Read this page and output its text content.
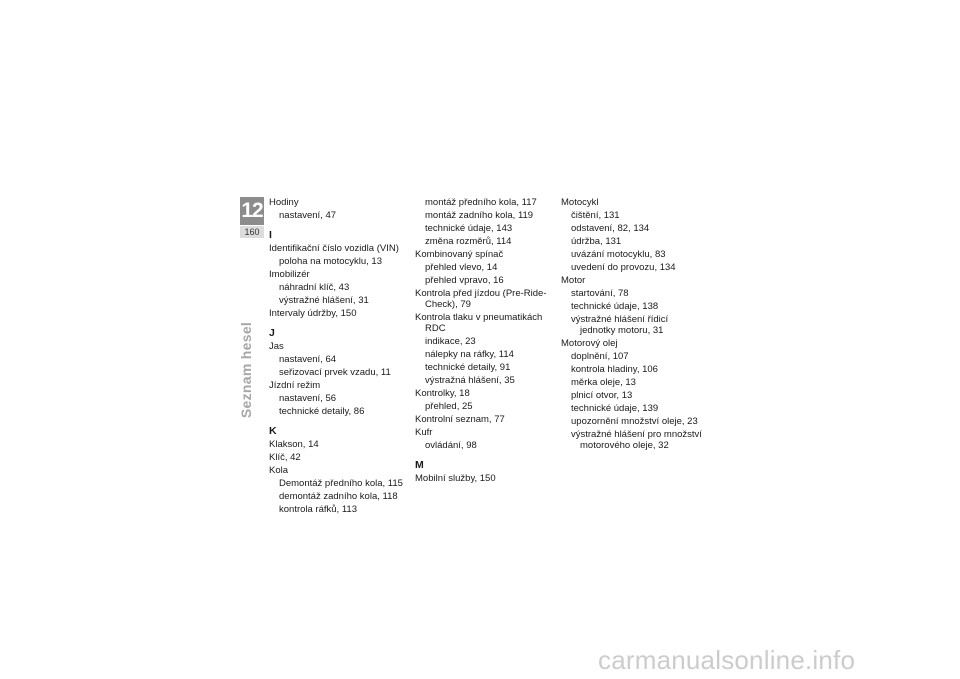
12
160
Seznam hesel
Hodiny
nastavení, 47
I
Identifikační číslo vozidla (VIN)
poloha na motocyklu, 13
Imobilizér
náhradní klíč, 43
výstražné hlášení, 31
Intervaly údržby, 150
J
Jas
nastavení, 64
seřizovací prvek vzadu, 11
Jízdní režim
nastavení, 56
technické detaily, 86
K
Klakson, 14
Klíč, 42
Kola
Demontáž předního kola, 115
demontáž zadního kola, 118
kontrola ráfků, 113
montáž předního kola, 117
montáž zadního kola, 119
technické údaje, 143
změna rozměrů, 114
Kombinovaný spínač
přehled vlevo, 14
přehled vpravo, 16
Kontrola před jízdou (Pre-Ride-Check), 79
Kontrola tlaku v pneumatikách RDC
indikace, 23
nálepky na ráfky, 114
technické detaily, 91
výstražná hlášení, 35
Kontrolky, 18
přehled, 25
Kontrolní seznam, 77
Kufr
ovládání, 98
M
Mobilní služby, 150
Motocykl
čištění, 131
odstavení, 82, 134
údržba, 131
uvázání motocyklu, 83
uvedení do provozu, 134
Motor
startování, 78
technické údaje, 138
výstražné hlášení řídicí jednotky motoru, 31
Motorový olej
doplnění, 107
kontrola hladiny, 106
měrka oleje, 13
plnicí otvor, 13
technické údaje, 139
upozornění množství oleje, 23
výstražné hlášení pro množství motorového oleje, 32
carmanualsonline.info
